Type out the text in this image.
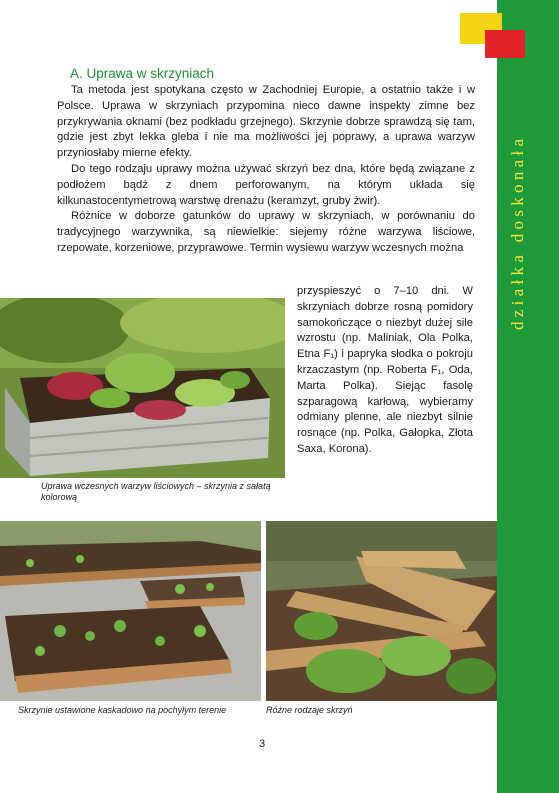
działka doskonała
A. Uprawa w skrzyniach

Ta metoda jest spotykana często w Zachodniej Europie, a ostatnio także i w Polsce. Uprawa w skrzyniach przypomina nieco dawne inspekty zimne bez przykrywania oknami (bez podkładu grzejnego). Skrzynie dobrze sprawdzą się tam, gdzie jest zbyt lekka gleba i nie ma możliwości jej poprawy, a uprawa warzyw przyniosłaby mierne efekty.

Do tego rodzaju uprawy można używać skrzyń bez dna, które będą związane z podłożem bądź z dnem perforowanym, na którym układa się kilkunastocentymetrową warstwę drenażu (keramzyt, gruby żwir).

Różnice w doborze gatunków do uprawy w skrzyniach, w porównaniu do tradycyjnego warzywnika, są niewielkie: siejemy różne warzywa liściowe, rzepowate, korzeniowe, przyprawowe. Termin wysiewu warzyw wczesnych można

przyspieszyć o 7–10 dni. W skrzyniach dobrze rosną pomidory samokończące o niezbyt dużej sile wzrostu (np. Maliniak, Ola Polka, Etna F₁) i papryka słodka o pokroju krzaczastym (np. Roberta F₁, Oda, Marta Polka). Siejąc fasolę szparagową karłową, wybieramy odmiany plenne, ale niezbyt silnie rosnące (np. Polka, Gałopka, Złota Saxa, Korona).

Uprawa wczesnych warzyw liściowych – skrzynia z sałatą kolorową
Skrzynie ustawione kaskadowo na pochyłym terenie	Różne rodzaje skrzyń
3
